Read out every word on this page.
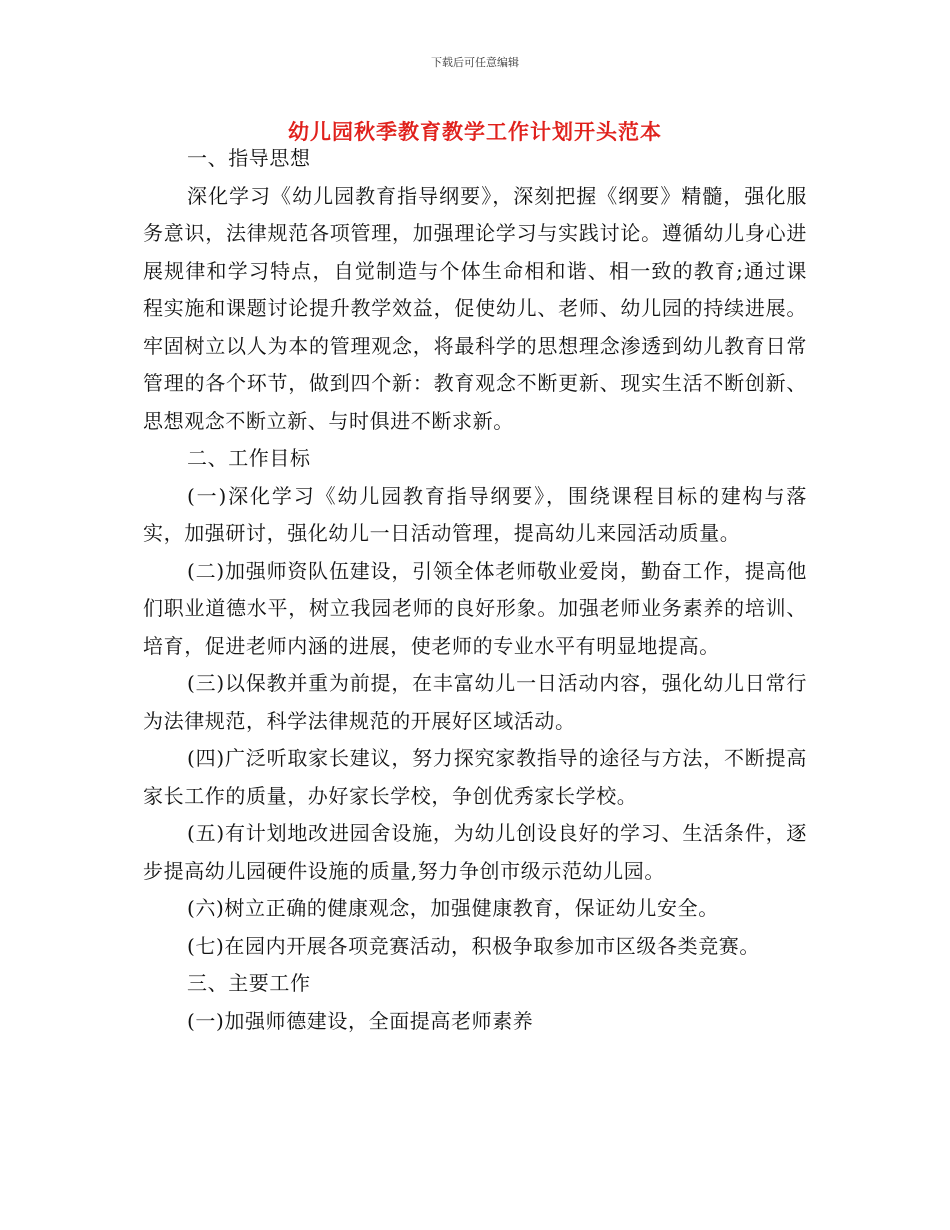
下载后可任意编辑
幼儿园秋季教育教学工作计划开头范本

一、指导思想

深化学习《幼儿园教育指导纲要》，深刻把握《纲要》精髓，强化服务意识，法律规范各项管理，加强理论学习与实践讨论。遵循幼儿身心进展规律和学习特点，自觉制造与个体生命相和谐、相一致的教育;通过课程实施和课题讨论提升教学效益，促使幼儿、老师、幼儿园的持续进展。牢固树立以人为本的管理观念，将最科学的思想理念渗透到幼儿教育日常管理的各个环节，做到四个新：教育观念不断更新、现实生活不断创新、思想观念不断立新、与时俱进不断求新。

二、工作目标

(一)深化学习《幼儿园教育指导纲要》，围绕课程目标的建构与落实，加强研讨，强化幼儿一日活动管理，提高幼儿来园活动质量。

(二)加强师资队伍建设，引领全体老师敬业爱岗，勤奋工作，提高他们职业道德水平，树立我园老师的良好形象。加强老师业务素养的培训、培育，促进老师内涵的进展，使老师的专业水平有明显地提高。

(三)以保教并重为前提，在丰富幼儿一日活动内容，强化幼儿日常行为法律规范，科学法律规范的开展好区域活动。

(四)广泛听取家长建议，努力探究家教指导的途径与方法，不断提高家长工作的质量，办好家长学校，争创优秀家长学校。

(五)有计划地改进园舍设施，为幼儿创设良好的学习、生活条件，逐步提高幼儿园硬件设施的质量,努力争创市级示范幼儿园。

(六)树立正确的健康观念，加强健康教育，保证幼儿安全。

(七)在园内开展各项竞赛活动，积极争取参加市区级各类竞赛。

三、主要工作

(一)加强师德建设，全面提高老师素养
